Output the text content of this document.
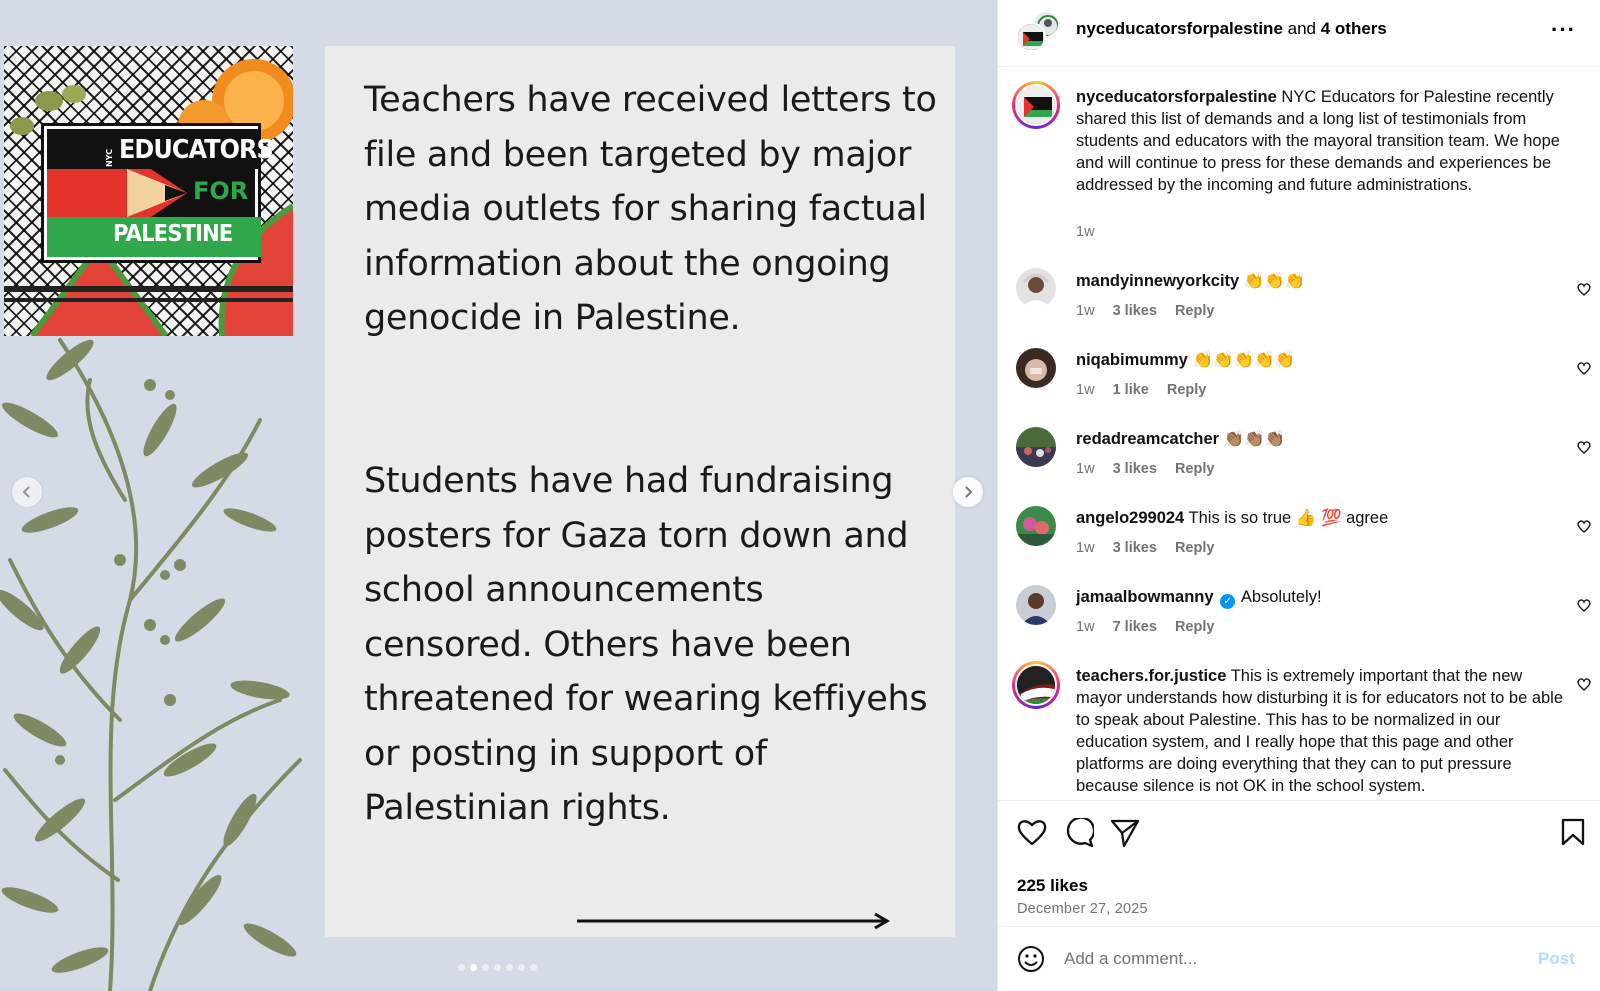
NYC EDUCATORS
FOR
PALESTINE

Teachers have received letters to file and been targeted by major media outlets for sharing factual information about the ongoing genocide in Palestine.

Students have had fundraising posters for Gaza torn down and school announcements censored. Others have been threatened for wearing keffiyehs or posting in support of Palestinian rights.

nyceducatorsforpalestine and 4 others	···
nyceducatorsforpalestine NYC Educators for Palestine recently shared this list of demands and a long list of testimonials from students and educators with the mayoral transition team. We hope and will continue to press for these demands and experiences be addressed by the incoming and future administrations.
1w
mandyinnewyorkcity 👏👏👏
1w 3 likes Reply
niqabimummy 👏👏👏👏👏
1w 1 like Reply
redadreamcatcher 👏🏽👏🏽👏🏽
1w 3 likes Reply
angelo299024 This is so true 👍 💯 agree
1w 3 likes Reply
jamaalbowmanny ✓ Absolutely!
1w 7 likes Reply
teachers.for.justice This is extremely important that the new mayor understands how disturbing it is for educators not to be able to speak about Palestine. This has to be normalized in our education system, and I really hope that this page and other platforms are doing everything that they can to put pressure because silence is not OK in the school system.
225 likes
December 27, 2025
Add a comment...
Post
